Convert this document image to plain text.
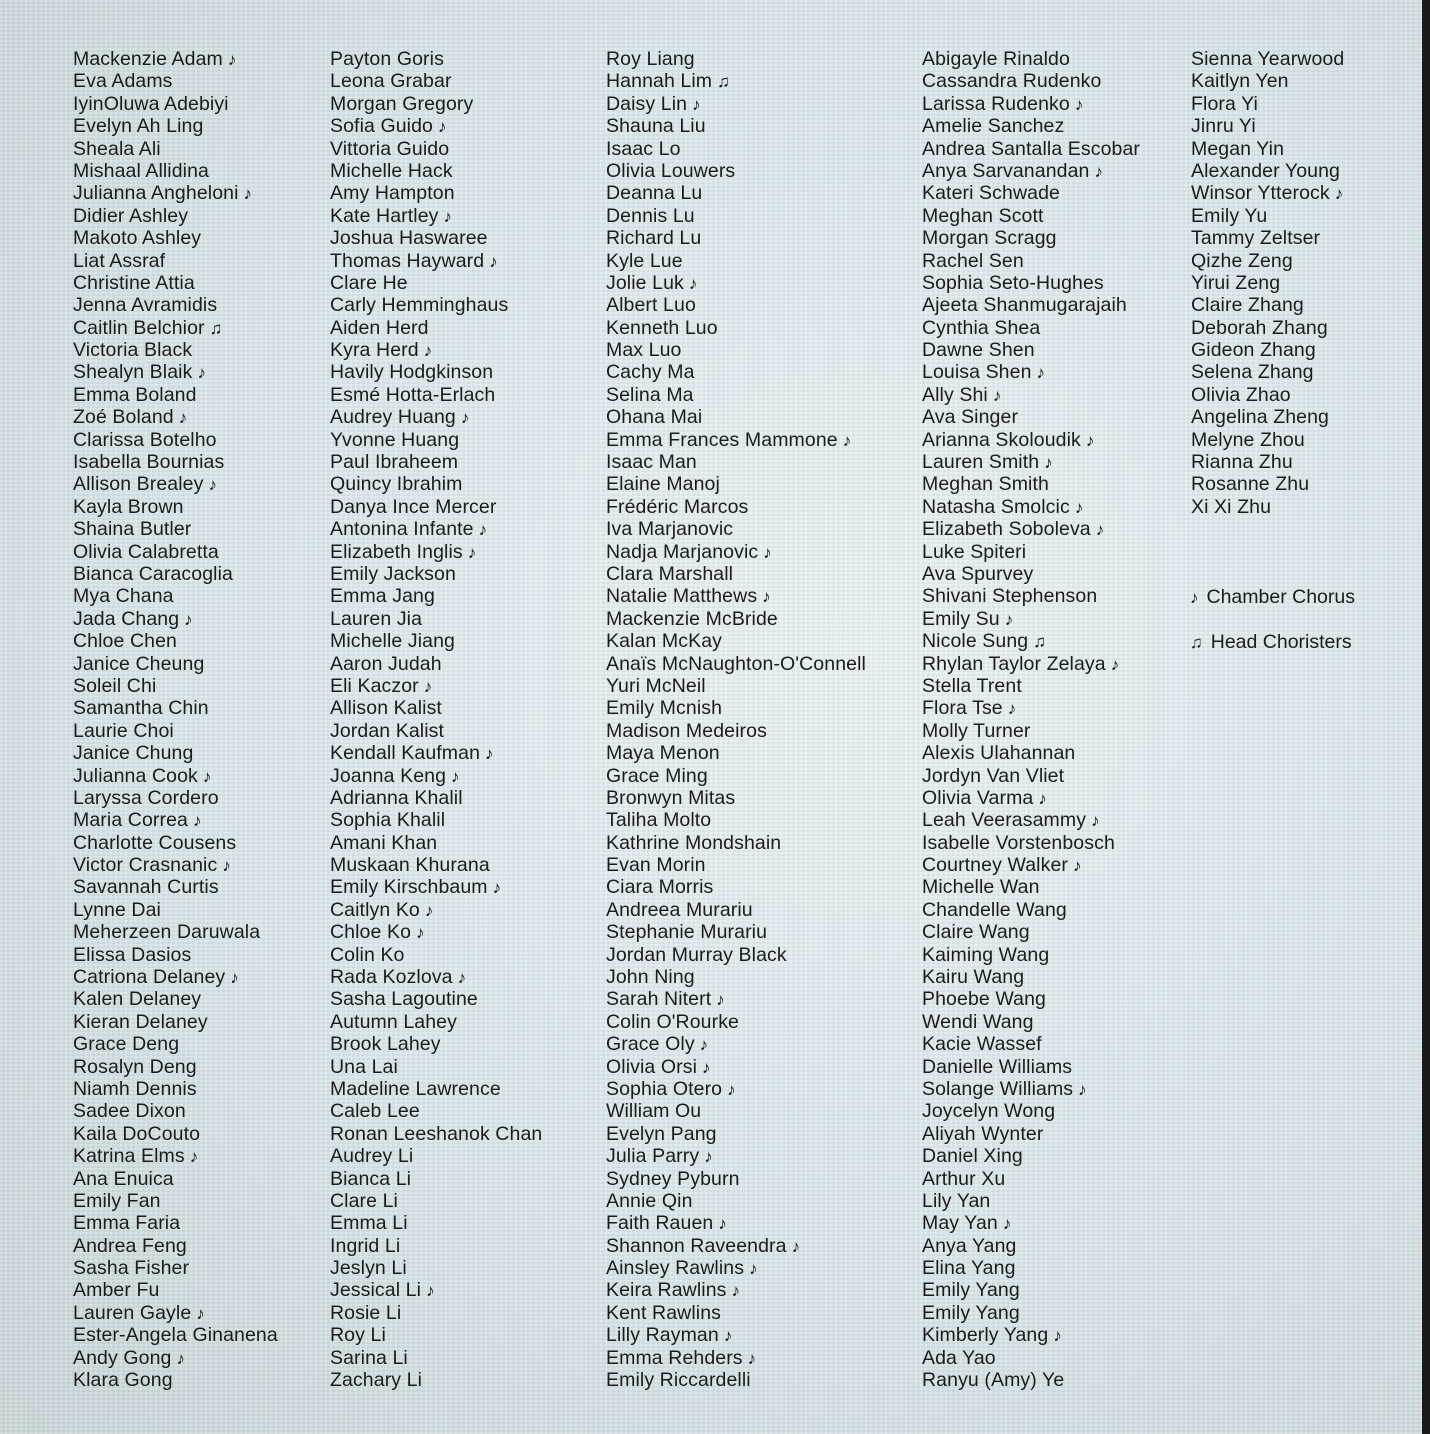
Mackenzie Adam ♪
Eva Adams
IyinOluwa Adebiyi
Evelyn Ah Ling
Sheala Ali
Mishaal Allidina
Julianna Angheloni ♪
Didier Ashley
Makoto Ashley
Liat Assraf
Christine Attia
Jenna Avramidis
Caitlin Belchior ♫
Victoria Black
Shealyn Blaik ♪
Emma Boland
Zoé Boland ♪
Clarissa Botelho
Isabella Bournias
Allison Brealey ♪
Kayla Brown
Shaina Butler
Olivia Calabretta
Bianca Caracoglia
Mya Chana
Jada Chang ♪
Chloe Chen
Janice Cheung
Soleil Chi
Samantha Chin
Laurie Choi
Janice Chung
Julianna Cook ♪
Laryssa Cordero
Maria Correa ♪
Charlotte Cousens
Victor Crasnanic ♪
Savannah Curtis
Lynne Dai
Meherzeen Daruwala
Elissa Dasios
Catriona Delaney ♪
Kalen Delaney
Kieran Delaney
Grace Deng
Rosalyn Deng
Niamh Dennis
Sadee Dixon
Kaila DoCouto
Katrina Elms ♪
Ana Enuica
Emily Fan
Emma Faria
Andrea Feng
Sasha Fisher
Amber Fu
Lauren Gayle ♪
Ester-Angela Ginanena
Andy Gong ♪
Klara Gong
Payton Goris
Leona Grabar
Morgan Gregory
Sofia Guido ♪
Vittoria Guido
Michelle Hack
Amy Hampton
Kate Hartley ♪
Joshua Haswaree
Thomas Hayward ♪
Clare He
Carly Hemminghaus
Aiden Herd
Kyra Herd ♪
Havily Hodgkinson
Esmé Hotta-Erlach
Audrey Huang ♪
Yvonne Huang
Paul Ibraheem
Quincy Ibrahim
Danya Ince Mercer
Antonina Infante ♪
Elizabeth Inglis ♪
Emily Jackson
Emma Jang
Lauren Jia
Michelle Jiang
Aaron Judah
Eli Kaczor ♪
Allison Kalist
Jordan Kalist
Kendall Kaufman ♪
Joanna Keng ♪
Adrianna Khalil
Sophia Khalil
Amani Khan
Muskaan Khurana
Emily Kirschbaum ♪
Caitlyn Ko ♪
Chloe Ko ♪
Colin Ko
Rada Kozlova ♪
Sasha Lagoutine
Autumn Lahey
Brook Lahey
Una Lai
Madeline Lawrence
Caleb Lee
Ronan Leeshanok Chan
Audrey Li
Bianca Li
Clare Li
Emma Li
Ingrid Li
Jeslyn Li
Jessical Li ♪
Rosie Li
Roy Li
Sarina Li
Zachary Li
Roy Liang
Hannah Lim ♫
Daisy Lin ♪
Shauna Liu
Isaac Lo
Olivia Louwers
Deanna Lu
Dennis Lu
Richard Lu
Kyle Lue
Jolie Luk ♪
Albert Luo
Kenneth Luo
Max Luo
Cachy Ma
Selina Ma
Ohana Mai
Emma Frances Mammone ♪
Isaac Man
Elaine Manoj
Frédéric Marcos
Iva Marjanovic
Nadja Marjanovic ♪
Clara Marshall
Natalie Matthews ♪
Mackenzie McBride
Kalan McKay
Anaïs McNaughton-O'Connell
Yuri McNeil
Emily Mcnish
Madison Medeiros
Maya Menon
Grace Ming
Bronwyn Mitas
Taliha Molto
Kathrine Mondshain
Evan Morin
Ciara Morris
Andreea Murariu
Stephanie Murariu
Jordan Murray Black
John Ning
Sarah Nitert ♪
Colin O'Rourke
Grace Oly ♪
Olivia Orsi ♪
Sophia Otero ♪
William Ou
Evelyn Pang
Julia Parry ♪
Sydney Pyburn
Annie Qin
Faith Rauen ♪
Shannon Raveendra ♪
Ainsley Rawlins ♪
Keira Rawlins ♪
Kent Rawlins
Lilly Rayman ♪
Emma Rehders ♪
Emily Riccardelli
Abigayle Rinaldo
Cassandra Rudenko
Larissa Rudenko ♪
Amelie Sanchez
Andrea Santalla Escobar
Anya Sarvanandan ♪
Kateri Schwade
Meghan Scott
Morgan Scragg
Rachel Sen
Sophia Seto-Hughes
Ajeeta Shanmugarajaih
Cynthia Shea
Dawne Shen
Louisa Shen ♪
Ally Shi ♪
Ava Singer
Arianna Skoloudik ♪
Lauren Smith ♪
Meghan Smith
Natasha Smolcic ♪
Elizabeth Soboleva ♪
Luke Spiteri
Ava Spurvey
Shivani Stephenson
Emily Su ♪
Nicole Sung ♫
Rhylan Taylor Zelaya ♪
Stella Trent
Flora Tse ♪
Molly Turner
Alexis Ulahannan
Jordyn Van Vliet
Olivia Varma ♪
Leah Veerasammy ♪
Isabelle Vorstenbosch
Courtney Walker ♪
Michelle Wan
Chandelle Wang
Claire Wang
Kaiming Wang
Kairu Wang
Phoebe Wang
Wendi Wang
Kacie Wassef
Danielle Williams
Solange Williams ♪
Joycelyn Wong
Aliyah Wynter
Daniel Xing
Arthur Xu
Lily Yan
May Yan ♪
Anya Yang
Elina Yang
Emily Yang
Emily Yang
Kimberly Yang ♪
Ada Yao
Ranyu (Amy) Ye
Sienna Yearwood
Kaitlyn Yen
Flora Yi
Jinru Yi
Megan Yin
Alexander Young
Winsor Ytterock ♪
Emily Yu
Tammy Zeltser
Qizhe Zeng
Yirui Zeng
Claire Zhang
Deborah Zhang
Gideon Zhang
Selena Zhang
Olivia Zhao
Angelina Zheng
Melyne Zhou
Rianna Zhu
Rosanne Zhu
Xi Xi Zhu
♪ Chamber Chorus
♫ Head Choristers
